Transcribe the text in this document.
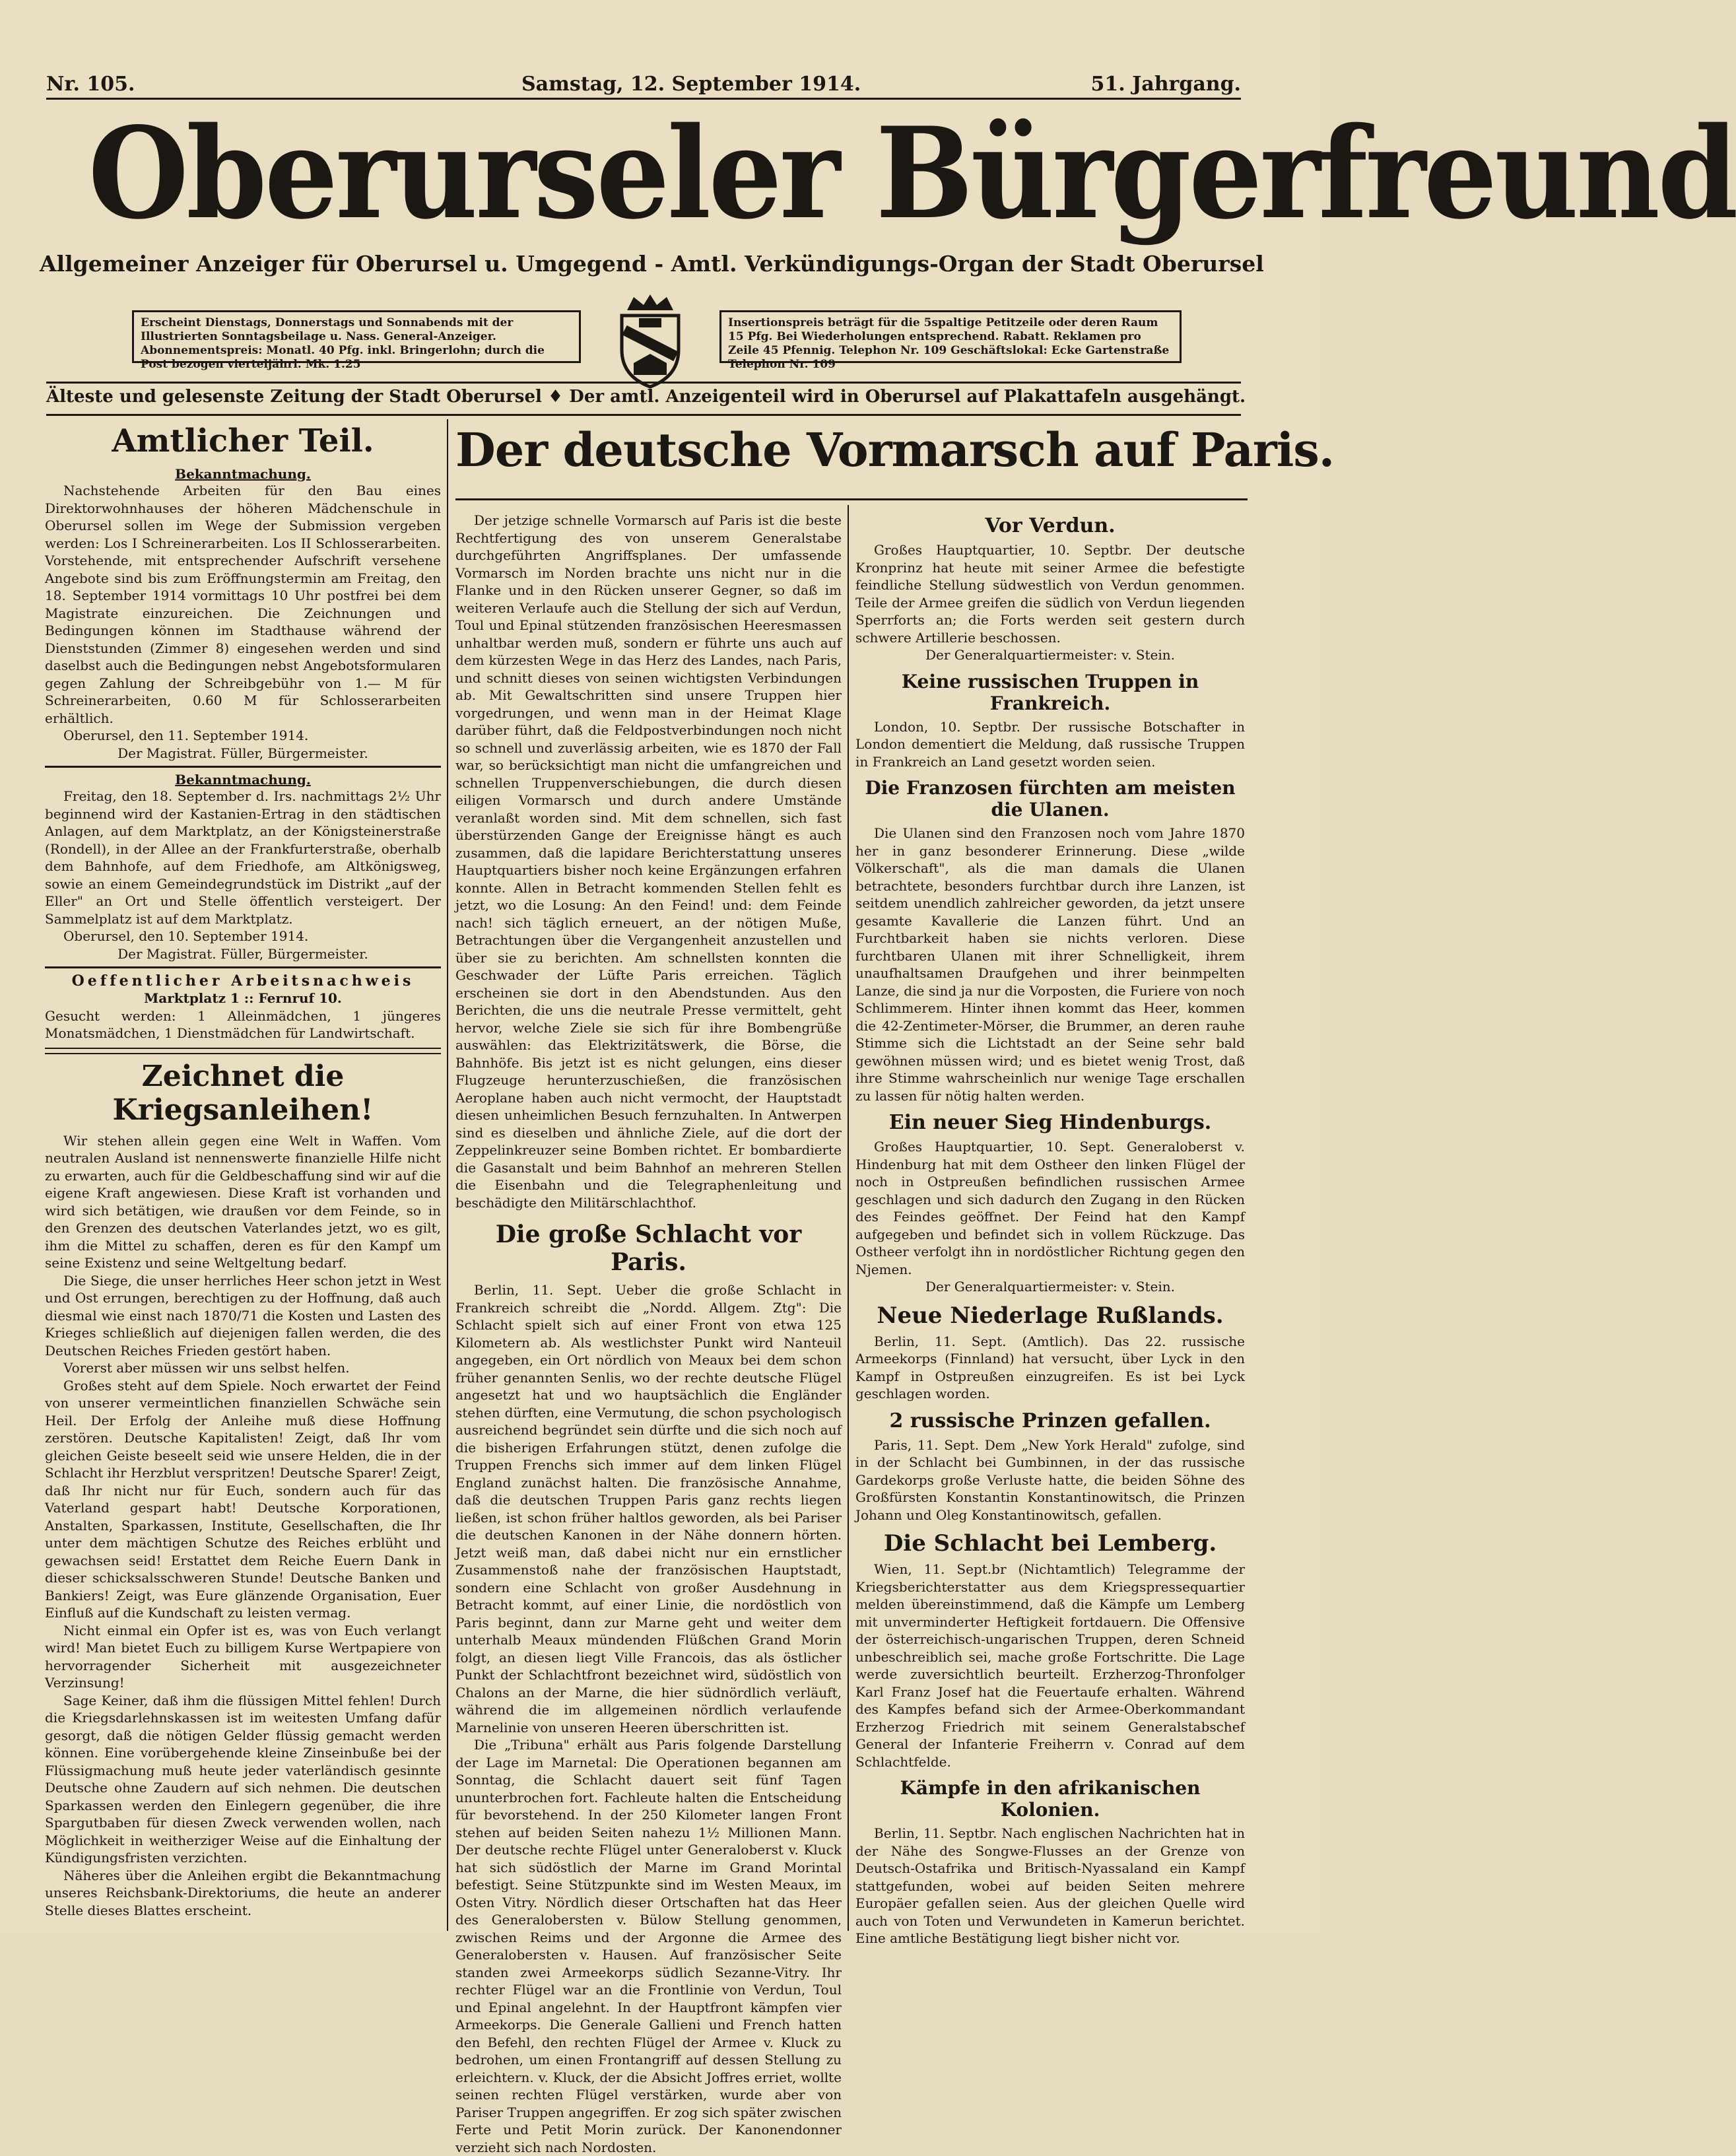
Nr. 105.	Samstag, 12. September 1914.	51. Jahrgang.
Oberurseler Bürgerfreund
Allgemeiner Anzeiger für Oberursel u. Umgegend - Amtl. Verkündigungs-Organ der Stadt Oberursel
Erscheint Dienstags, Donnerstags und Sonnabends mit der Illustrierten Sonntagsbeilage u. Nass. General-Anzeiger. Abonnementspreis: Monatl. 40 Pfg. inkl. Bringerlohn; durch die Post bezogen vierteljährl. Mk. 1.25
Insertionspreis beträgt für die 5spaltige Petitzeile oder deren Raum 15 Pfg. Bei Wiederholungen entsprechend. Rabatt. Reklamen pro Zeile 45 Pfennig. Telephon Nr. 109 Geschäftslokal: Ecke Gartenstraße Telephon Nr. 109
Älteste und gelesenste Zeitung der Stadt Oberursel ♦ Der amtl. Anzeigenteil wird in Oberursel auf Plakattafeln ausgehängt.
Amtlicher Teil.
Bekanntmachung.

Nachstehende Arbeiten für den Bau eines Direktorwohnhauses der höheren Mädchenschule in Oberursel sollen im Wege der Submission vergeben werden: Los I Schreinerarbeiten. Los II Schlosserarbeiten. Vorstehende, mit entsprechender Aufschrift versehene Angebote sind bis zum Eröffnungstermin am Freitag, den 18. September 1914 vormittags 10 Uhr postfrei bei dem Magistrate einzureichen. Die Zeichnungen und Bedingungen können im Stadthause während der Dienststunden (Zimmer 8) eingesehen werden und sind daselbst auch die Bedingungen nebst Angebotsformularen gegen Zahlung der Schreibgebühr von 1.— M für Schreinerarbeiten, 0.60 M für Schlosserarbeiten erhältlich.

Oberursel, den 11. September 1914.
Der Magistrat. Füller, Bürgermeister.
Bekanntmachung.

Freitag, den 18. September d. Irs. nachmittags 2½ Uhr beginnend wird der Kastanien-Ertrag in den städtischen Anlagen, auf dem Marktplatz, an der Königsteinerstraße (Rondell), in der Allee an der Frankfurterstraße, oberhalb dem Bahnhofe, auf dem Friedhofe, am Altkönigsweg, sowie an einem Gemeindegrundstück im Distrikt „auf der Eller" an Ort und Stelle öffentlich versteigert. Der Sammelplatz ist auf dem Marktplatz.

Oberursel, den 10. September 1914.
Der Magistrat. Füller, Bürgermeister.
Oeffentlicher Arbeitsnachweis
Marktplatz 1 :: Fernruf 10.
Gesucht werden: 1 Alleinmädchen, 1 jüngeres Monatsmädchen, 1 Dienstmädchen für Landwirtschaft.
Zeichnet die Kriegsanleihen!

Wir stehen allein gegen eine Welt in Waffen. Vom neutralen Ausland ist nennenswerte finanzielle Hilfe nicht zu erwarten, auch für die Geldbeschaffung sind wir auf die eigene Kraft angewiesen. Diese Kraft ist vorhanden und wird sich betätigen, wie draußen vor dem Feinde, so in den Grenzen des deutschen Vaterlandes jetzt, wo es gilt, ihm die Mittel zu schaffen, deren es für den Kampf um seine Existenz und seine Weltgeltung bedarf.

Die Siege, die unser herrliches Heer schon jetzt in West und Ost errungen, berechtigen zu der Hoffnung, daß auch diesmal wie einst nach 1870/71 die Kosten und Lasten des Krieges schließlich auf diejenigen fallen werden, die des Deutschen Reiches Frieden gestört haben.

Vorerst aber müssen wir uns selbst helfen.

Großes steht auf dem Spiele. Noch erwartet der Feind von unserer vermeintlichen finanziellen Schwäche sein Heil. Der Erfolg der Anleihe muß diese Hoffnung zerstören. Deutsche Kapitalisten! Zeigt, daß Ihr vom gleichen Geiste beseelt seid wie unsere Helden, die in der Schlacht ihr Herzblut verspritzen! Deutsche Sparer! Zeigt, daß Ihr nicht nur für Euch, sondern auch für das Vaterland gespart habt! Deutsche Korporationen, Anstalten, Sparkassen, Institute, Gesellschaften, die Ihr unter dem mächtigen Schutze des Reiches erblüht und gewachsen seid! Erstattet dem Reiche Euern Dank in dieser schicksalsschweren Stunde! Deutsche Banken und Bankiers! Zeigt, was Eure glänzende Organisation, Euer Einfluß auf die Kundschaft zu leisten vermag.

Nicht einmal ein Opfer ist es, was von Euch verlangt wird! Man bietet Euch zu billigem Kurse Wertpapiere von hervorragender Sicherheit mit ausgezeichneter Verzinsung!

Sage Keiner, daß ihm die flüssigen Mittel fehlen! Durch die Kriegsdarlehnskassen ist im weitesten Umfang dafür gesorgt, daß die nötigen Gelder flüssig gemacht werden können. Eine vorübergehende kleine Zinseinbuße bei der Flüssigmachung muß heute jeder vaterländisch gesinnte Deutsche ohne Zaudern auf sich nehmen. Die deutschen Sparkassen werden den Einlegern gegenüber, die ihre Spargutbaben für diesen Zweck verwenden wollen, nach Möglichkeit in weitherziger Weise auf die Einhaltung der Kündigungsfristen verzichten.

Näheres über die Anleihen ergibt die Bekanntmachung unseres Reichsbank-Direktoriums, die heute an anderer Stelle dieses Blattes erscheint.

Der deutsche Vormarsch auf Paris.

Der jetzige schnelle Vormarsch auf Paris ist die beste Rechtfertigung des von unserem Generalstabe durchgeführten Angriffsplanes. Der umfassende Vormarsch im Norden brachte uns nicht nur in die Flanke und in den Rücken unserer Gegner, so daß im weiteren Verlaufe auch die Stellung der sich auf Verdun, Toul und Epinal stützenden französischen Heeresmassen unhaltbar werden muß, sondern er führte uns auch auf dem kürzesten Wege in das Herz des Landes, nach Paris, und schnitt dieses von seinen wichtigsten Verbindungen ab. Mit Gewaltschritten sind unsere Truppen hier vorgedrungen, und wenn man in der Heimat Klage darüber führt, daß die Feldpostverbindungen noch nicht so schnell und zuverlässig arbeiten, wie es 1870 der Fall war, so berücksichtigt man nicht die umfangreichen und schnellen Truppenverschiebungen, die durch diesen eiligen Vormarsch und durch andere Umstände veranlaßt worden sind. Mit dem schnellen, sich fast überstürzenden Gange der Ereignisse hängt es auch zusammen, daß die lapidare Berichterstattung unseres Hauptquartiers bisher noch keine Ergänzungen erfahren konnte. Allen in Betracht kommenden Stellen fehlt es jetzt, wo die Losung: An den Feind! und: dem Feinde nach! sich täglich erneuert, an der nötigen Muße, Betrachtungen über die Vergangenheit anzustellen und über sie zu berichten. Am schnellsten konnten die Geschwader der Lüfte Paris erreichen. Täglich erscheinen sie dort in den Abendstunden. Aus den Berichten, die uns die neutrale Presse vermittelt, geht hervor, welche Ziele sie sich für ihre Bombengrüße auswählen: das Elektrizitätswerk, die Börse, die Bahnhöfe. Bis jetzt ist es nicht gelungen, eins dieser Flugzeuge herunterzuschießen, die französischen Aeroplane haben auch nicht vermocht, der Hauptstadt diesen unheimlichen Besuch fernzuhalten. In Antwerpen sind es dieselben und ähnliche Ziele, auf die dort der Zeppelinkreuzer seine Bomben richtet. Er bombardierte die Gasanstalt und beim Bahnhof an mehreren Stellen die Eisenbahn und die Telegraphenleitung und beschädigte den Militärschlachthof.

Die große Schlacht vor Paris.

Berlin, 11. Sept. Ueber die große Schlacht in Frankreich schreibt die „Nordd. Allgem. Ztg": Die Schlacht spielt sich auf einer Front von etwa 125 Kilometern ab. Als westlichster Punkt wird Nanteuil angegeben, ein Ort nördlich von Meaux bei dem schon früher genannten Senlis, wo der rechte deutsche Flügel angesetzt hat und wo hauptsächlich die Engländer stehen dürften, eine Vermutung, die schon psychologisch ausreichend begründet sein dürfte und die sich noch auf die bisherigen Erfahrungen stützt, denen zufolge die Truppen Frenchs sich immer auf dem linken Flügel England zunächst halten. Die französische Annahme, daß die deutschen Truppen Paris ganz rechts liegen ließen, ist schon früher haltlos geworden, als bei Pariser die deutschen Kanonen in der Nähe donnern hörten. Jetzt weiß man, daß dabei nicht nur ein ernstlicher Zusammenstoß nahe der französischen Hauptstadt, sondern eine Schlacht von großer Ausdehnung in Betracht kommt, auf einer Linie, die nordöstlich von Paris beginnt, dann zur Marne geht und weiter dem unterhalb Meaux mündenden Flüßchen Grand Morin folgt, an diesen liegt Ville Francois, das als östlicher Punkt der Schlachtfront bezeichnet wird, südöstlich von Chalons an der Marne, die hier südnördlich verläuft, während die im allgemeinen nördlich verlaufende Marnelinie von unseren Heeren überschritten ist.

Die „Tribuna" erhält aus Paris folgende Darstellung der Lage im Marnetal: Die Operationen begannen am Sonntag, die Schlacht dauert seit fünf Tagen ununterbrochen fort. Fachleute halten die Entscheidung für bevorstehend. In der 250 Kilometer langen Front stehen auf beiden Seiten nahezu 1½ Millionen Mann. Der deutsche rechte Flügel unter Generaloberst v. Kluck hat sich südöstlich der Marne im Grand Morintal befestigt. Seine Stützpunkte sind im Westen Meaux, im Osten Vitry. Nördlich dieser Ortschaften hat das Heer des Generalobersten v. Bülow Stellung genommen, zwischen Reims und der Argonne die Armee des Generalobersten v. Hausen. Auf französischer Seite standen zwei Armeekorps südlich Sezanne-Vitry. Ihr rechter Flügel war an die Frontlinie von Verdun, Toul und Epinal angelehnt. In der Hauptfront kämpfen vier Armeekorps. Die Generale Gallieni und French hatten den Befehl, den rechten Flügel der Armee v. Kluck zu bedrohen, um einen Frontangriff auf dessen Stellung zu erleichtern. v. Kluck, der die Absicht Joffres erriet, wollte seinen rechten Flügel verstärken, wurde aber von Pariser Truppen angegriffen. Er zog sich später zwischen Ferte und Petit Morin zurück. Der Kanonendonner verzieht sich nach Nordosten.

Vor Verdun.

Großes Hauptquartier, 10. Septbr. Der deutsche Kronprinz hat heute mit seiner Armee die befestigte feindliche Stellung südwestlich von Verdun genommen. Teile der Armee greifen die südlich von Verdun liegenden Sperrforts an; die Forts werden seit gestern durch schwere Artillerie beschossen.

Der Generalquartiermeister: v. Stein.
Keine russischen Truppen in Frankreich.

London, 10. Septbr. Der russische Botschafter in London dementiert die Meldung, daß russische Truppen in Frankreich an Land gesetzt worden seien.

Die Franzosen fürchten am meisten die Ulanen.

Die Ulanen sind den Franzosen noch vom Jahre 1870 her in ganz besonderer Erinnerung. Diese „wilde Völkerschaft", als die man damals die Ulanen betrachtete, besonders furchtbar durch ihre Lanzen, ist seitdem unendlich zahlreicher geworden, da jetzt unsere gesamte Kavallerie die Lanzen führt. Und an Furchtbarkeit haben sie nichts verloren. Diese furchtbaren Ulanen mit ihrer Schnelligkeit, ihrem unaufhaltsamen Draufgehen und ihrer beinmpelten Lanze, die sind ja nur die Vorposten, die Furiere von noch Schlimmerem. Hinter ihnen kommt das Heer, kommen die 42-Zentimeter-Mörser, die Brummer, an deren rauhe Stimme sich die Lichtstadt an der Seine sehr bald gewöhnen müssen wird; und es bietet wenig Trost, daß ihre Stimme wahrscheinlich nur wenige Tage erschallen zu lassen für nötig halten werden.

Ein neuer Sieg Hindenburgs.

Großes Hauptquartier, 10. Sept. Generaloberst v. Hindenburg hat mit dem Ostheer den linken Flügel der noch in Ostpreußen befindlichen russischen Armee geschlagen und sich dadurch den Zugang in den Rücken des Feindes geöffnet. Der Feind hat den Kampf aufgegeben und befindet sich in vollem Rückzuge. Das Ostheer verfolgt ihn in nordöstlicher Richtung gegen den Njemen.

Der Generalquartiermeister: v. Stein.
Neue Niederlage Rußlands.

Berlin, 11. Sept. (Amtlich). Das 22. russische Armeekorps (Finnland) hat versucht, über Lyck in den Kampf in Ostpreußen einzugreifen. Es ist bei Lyck geschlagen worden.

2 russische Prinzen gefallen.

Paris, 11. Sept. Dem „New York Herald" zufolge, sind in der Schlacht bei Gumbinnen, in der das russische Gardekorps große Verluste hatte, die beiden Söhne des Großfürsten Konstantin Konstantinowitsch, die Prinzen Johann und Oleg Konstantinowitsch, gefallen.

Die Schlacht bei Lemberg.

Wien, 11. Sept.br (Nichtamtlich) Telegramme der Kriegsberichterstatter aus dem Kriegspressequartier melden übereinstimmend, daß die Kämpfe um Lemberg mit unverminderter Heftigkeit fortdauern. Die Offensive der österreichisch-ungarischen Truppen, deren Schneid unbeschreiblich sei, mache große Fortschritte. Die Lage werde zuversichtlich beurteilt. Erzherzog-Thronfolger Karl Franz Josef hat die Feuertaufe erhalten. Während des Kampfes befand sich der Armee-Oberkommandant Erzherzog Friedrich mit seinem Generalstabschef General der Infanterie Freiherrn v. Conrad auf dem Schlachtfelde.

Kämpfe in den afrikanischen Kolonien.

Berlin, 11. Septbr. Nach englischen Nachrichten hat in der Nähe des Songwe-Flusses an der Grenze von Deutsch-Ostafrika und Britisch-Nyassaland ein Kampf stattgefunden, wobei auf beiden Seiten mehrere Europäer gefallen seien. Aus der gleichen Quelle wird auch von Toten und Verwundeten in Kamerun berichtet. Eine amtliche Bestätigung liegt bisher nicht vor.
